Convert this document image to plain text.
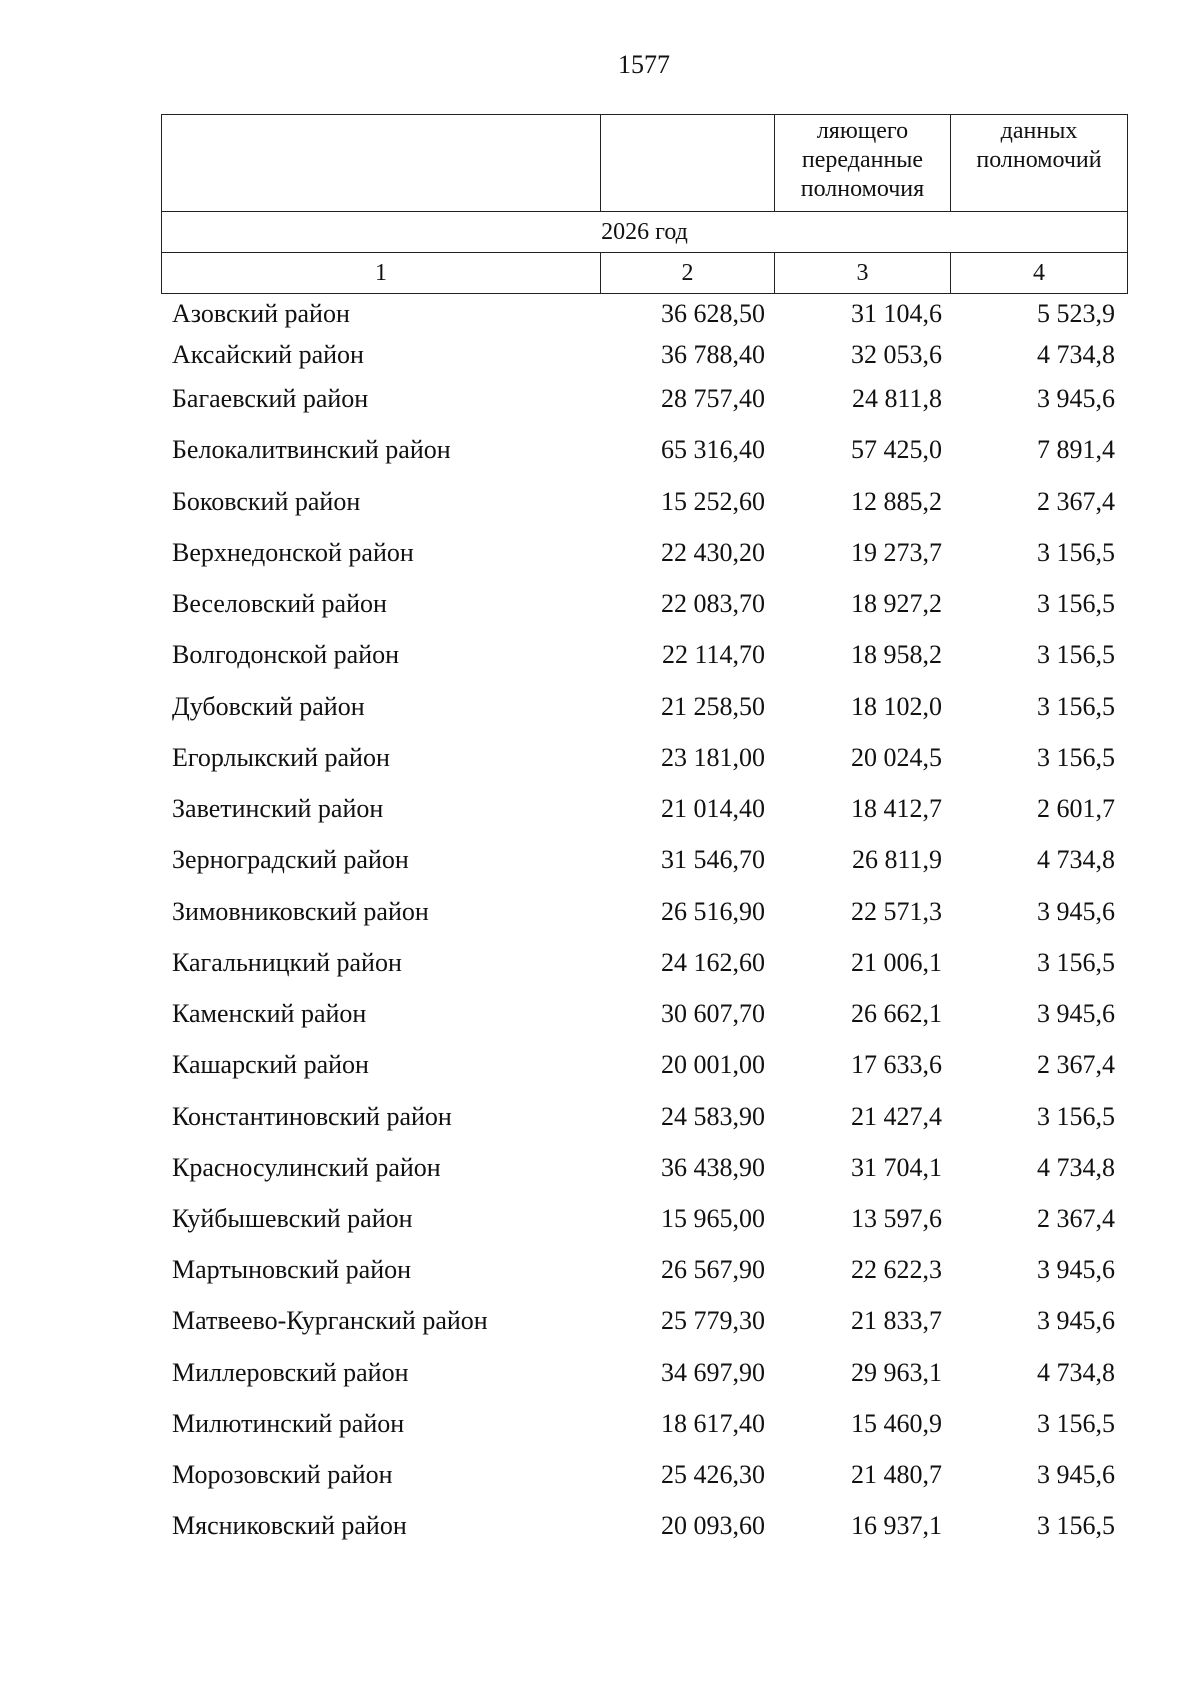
1577
		ляющего переданные полномочия	данных полномочий
2026 год			
1	2	3	4
Азовский район	36 628,50	31 104,6	5 523,9
Аксайский район	36 788,40	32 053,6	4 734,8
Багаевский район	28 757,40	24 811,8	3 945,6
Белокалитвинский район	65 316,40	57 425,0	7 891,4
Боковский район	15 252,60	12 885,2	2 367,4
Верхнедонской район	22 430,20	19 273,7	3 156,5
Веселовский район	22 083,70	18 927,2	3 156,5
Волгодонской район	22 114,70	18 958,2	3 156,5
Дубовский район	21 258,50	18 102,0	3 156,5
Егорлыкский район	23 181,00	20 024,5	3 156,5
Заветинский район	21 014,40	18 412,7	2 601,7
Зерноградский район	31 546,70	26 811,9	4 734,8
Зимовниковский район	26 516,90	22 571,3	3 945,6
Кагальницкий район	24 162,60	21 006,1	3 156,5
Каменский район	30 607,70	26 662,1	3 945,6
Кашарский район	20 001,00	17 633,6	2 367,4
Константиновский район	24 583,90	21 427,4	3 156,5
Красносулинский район	36 438,90	31 704,1	4 734,8
Куйбышевский район	15 965,00	13 597,6	2 367,4
Мартыновский район	26 567,90	22 622,3	3 945,6
Матвеево-Курганский район	25 779,30	21 833,7	3 945,6
Миллеровский район	34 697,90	29 963,1	4 734,8
Милютинский район	18 617,40	15 460,9	3 156,5
Морозовский район	25 426,30	21 480,7	3 945,6
Мясниковский район	20 093,60	16 937,1	3 156,5
